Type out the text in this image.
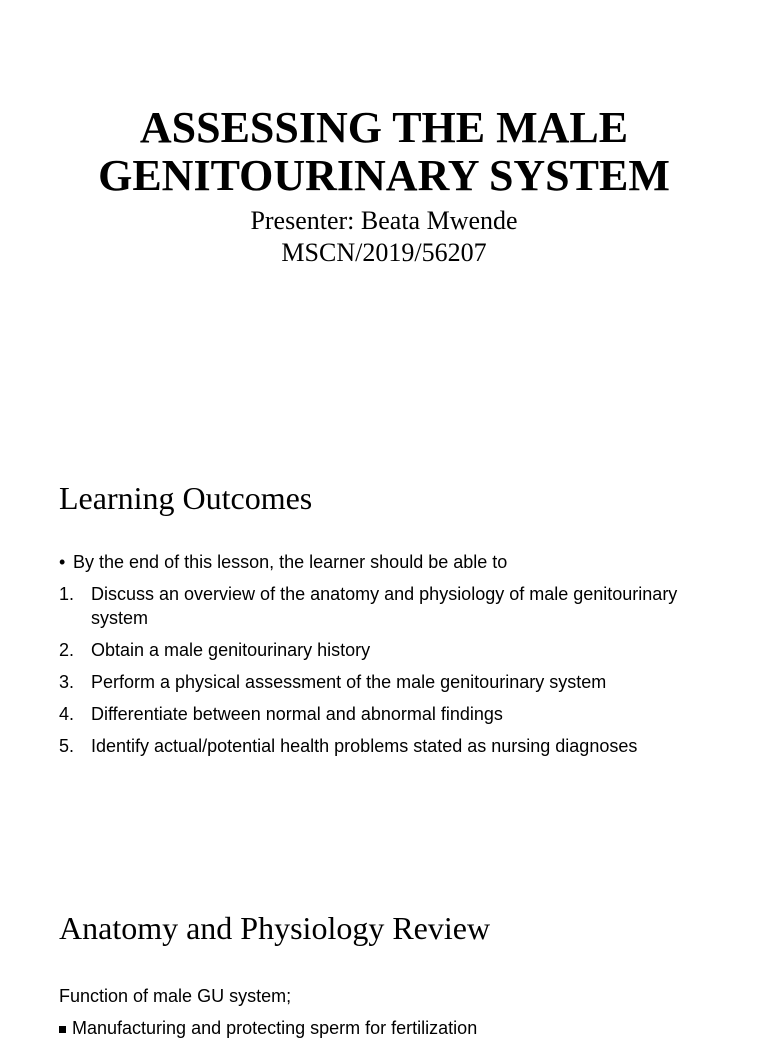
ASSESSING THE MALE
GENITOURINARY SYSTEM
Presenter: Beata Mwende
MSCN/2019/56207
Learning Outcomes
• By the end of this lesson, the learner should be able to
1. Discuss an overview of the anatomy and physiology of male genitourinary system
2. Obtain a male genitourinary history
3. Perform a physical assessment of the male genitourinary system
4. Differentiate between normal and abnormal findings
5. Identify actual/potential health problems stated as nursing diagnoses
Anatomy and Physiology Review
Function of male GU system;
Manufacturing and protecting sperm for fertilization
